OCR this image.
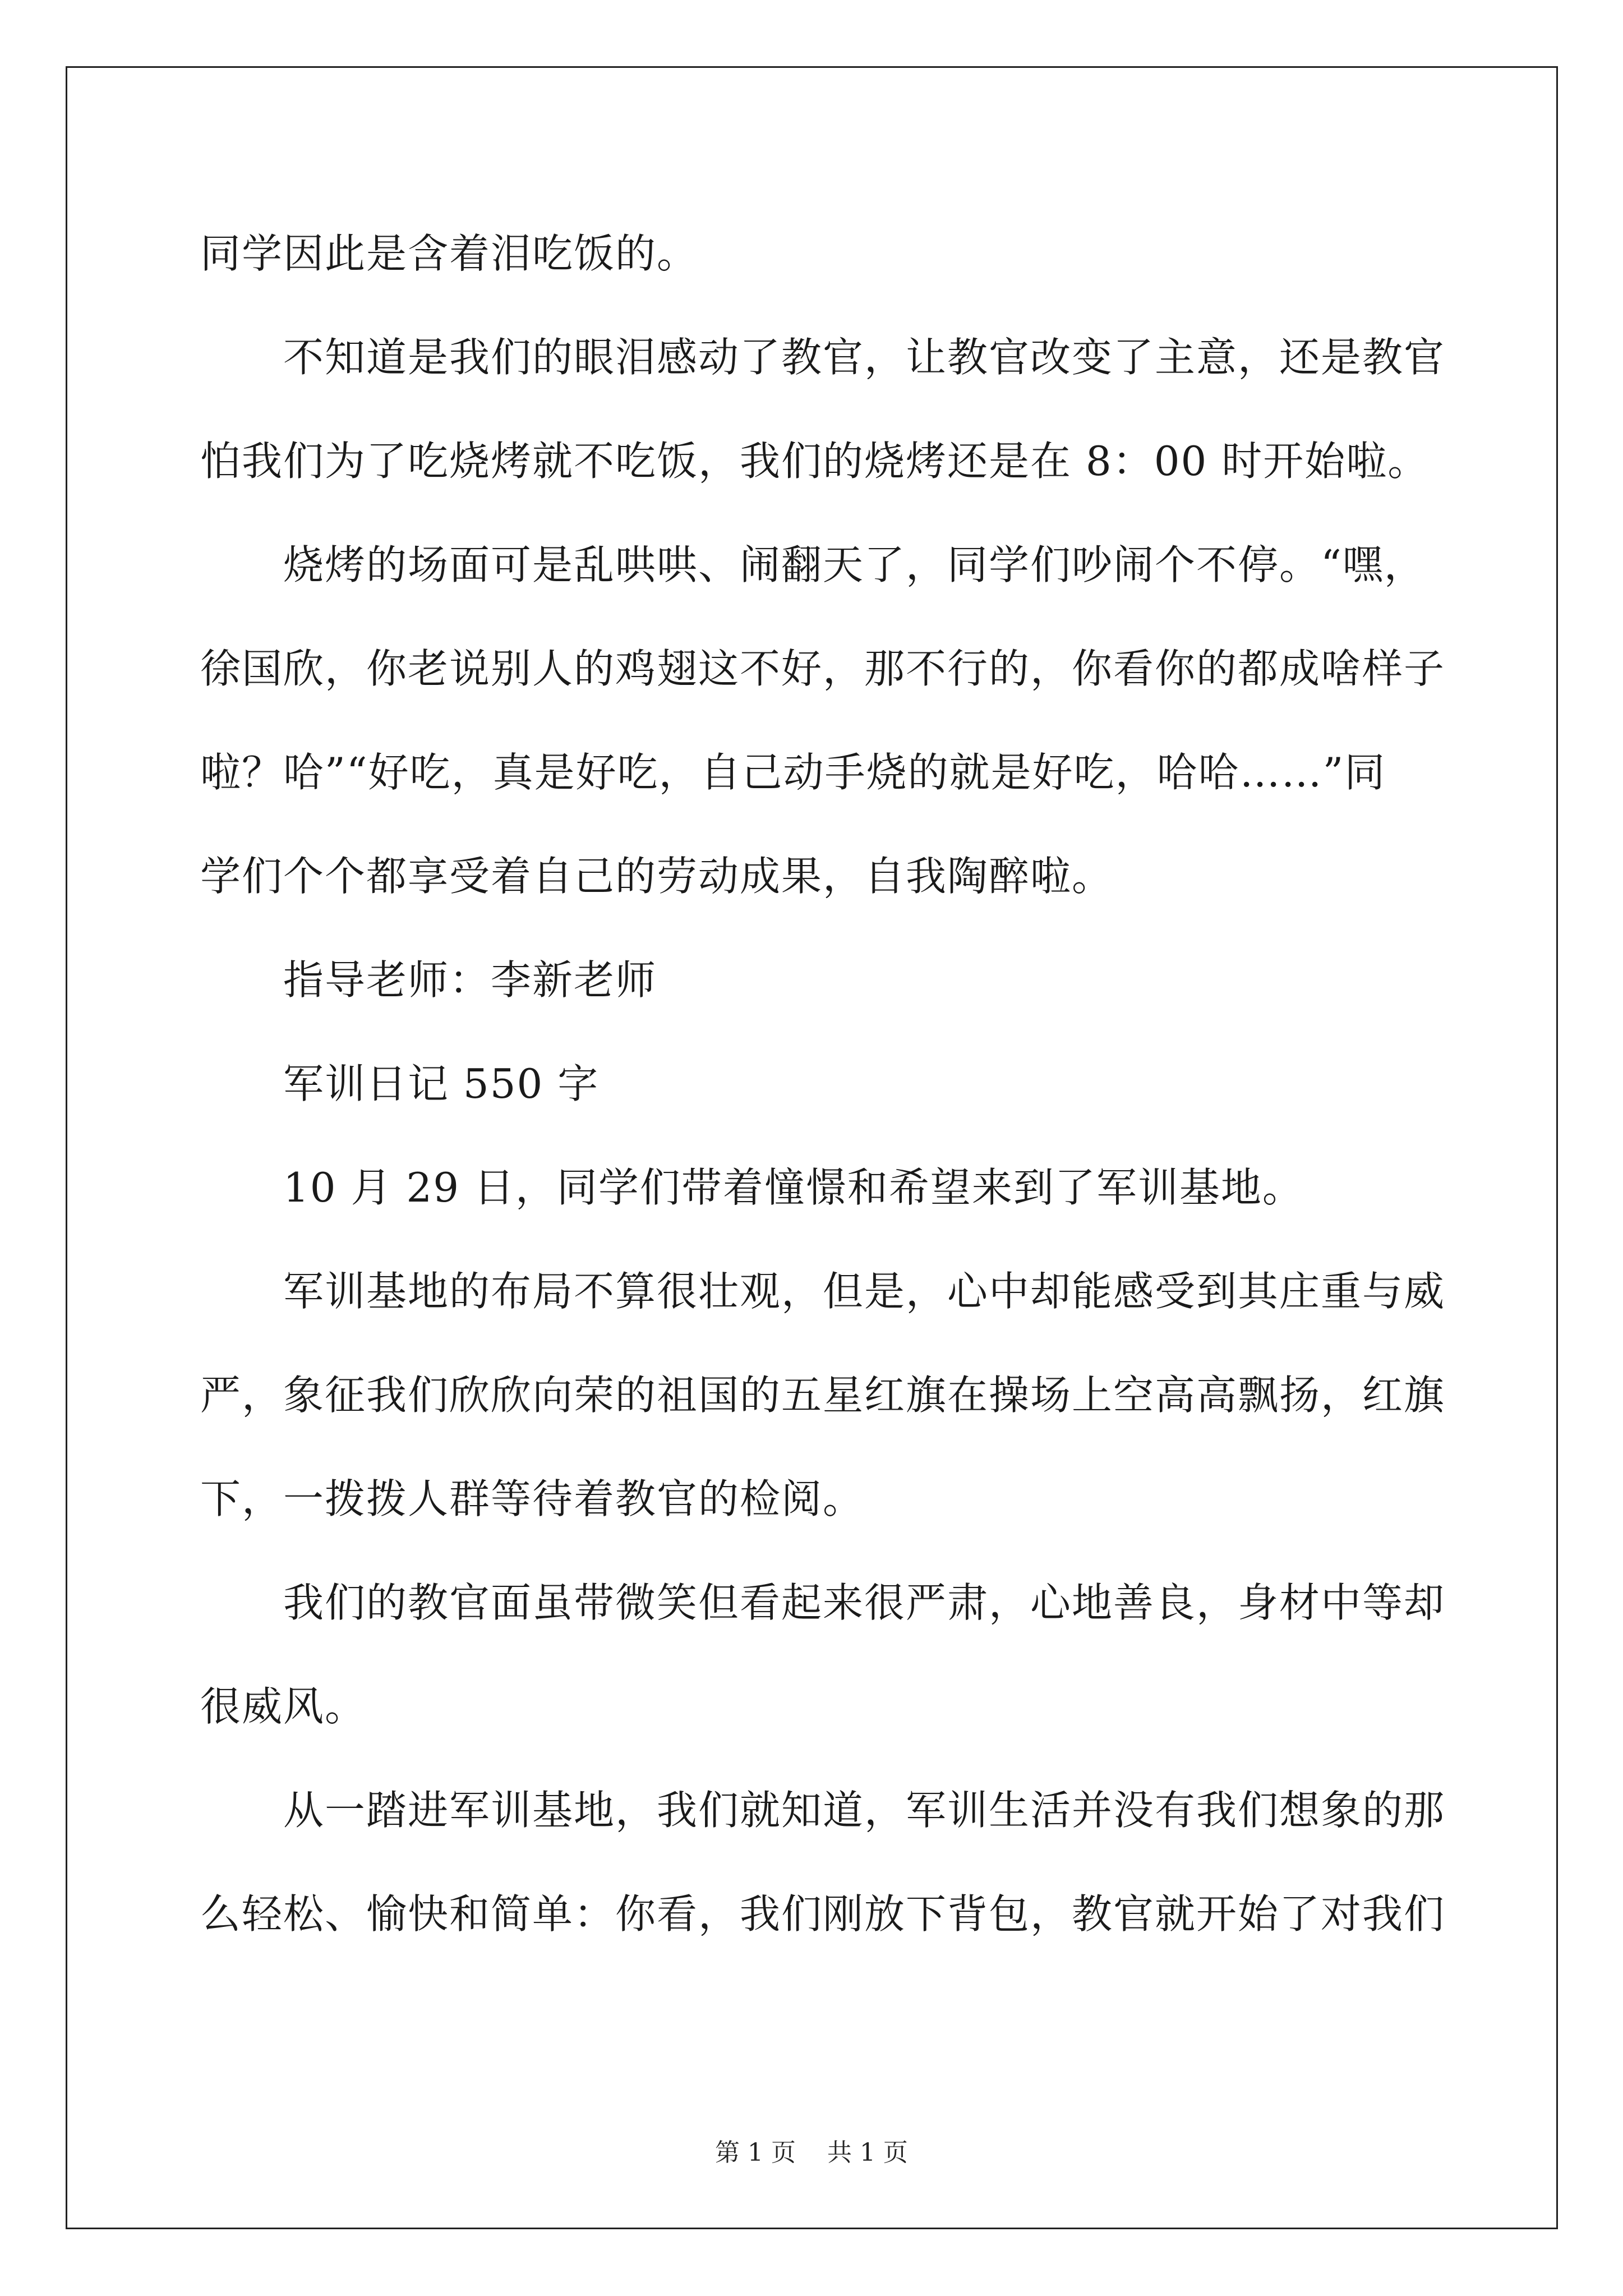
同学因此是含着泪吃饭的。
　　不知道是我们的眼泪感动了教官，让教官改变了主意，还是教官
怕我们为了吃烧烤就不吃饭，我们的烧烤还是在 8：00 时开始啦。
　　烧烤的场面可是乱哄哄、闹翻天了，同学们吵闹个不停。“嘿，
徐国欣，你老说别人的鸡翅这不好，那不行的，你看你的都成啥样子
啦？哈”“好吃，真是好吃，自己动手烧的就是好吃，哈哈……”同
学们个个都享受着自己的劳动成果，自我陶醉啦。
　　指导老师：李新老师
　　军训日记 550 字
　　10 月 29 日，同学们带着憧憬和希望来到了军训基地。
　　军训基地的布局不算很壮观，但是，心中却能感受到其庄重与威
严，象征我们欣欣向荣的祖国的五星红旗在操场上空高高飘扬，红旗
下，一拨拨人群等待着教官的检阅。
　　我们的教官面虽带微笑但看起来很严肃，心地善良，身材中等却
很威风。
　　从一踏进军训基地，我们就知道，军训生活并没有我们想象的那
么轻松、愉快和简单：你看，我们刚放下背包，教官就开始了对我们
第 1 页    共 1 页
